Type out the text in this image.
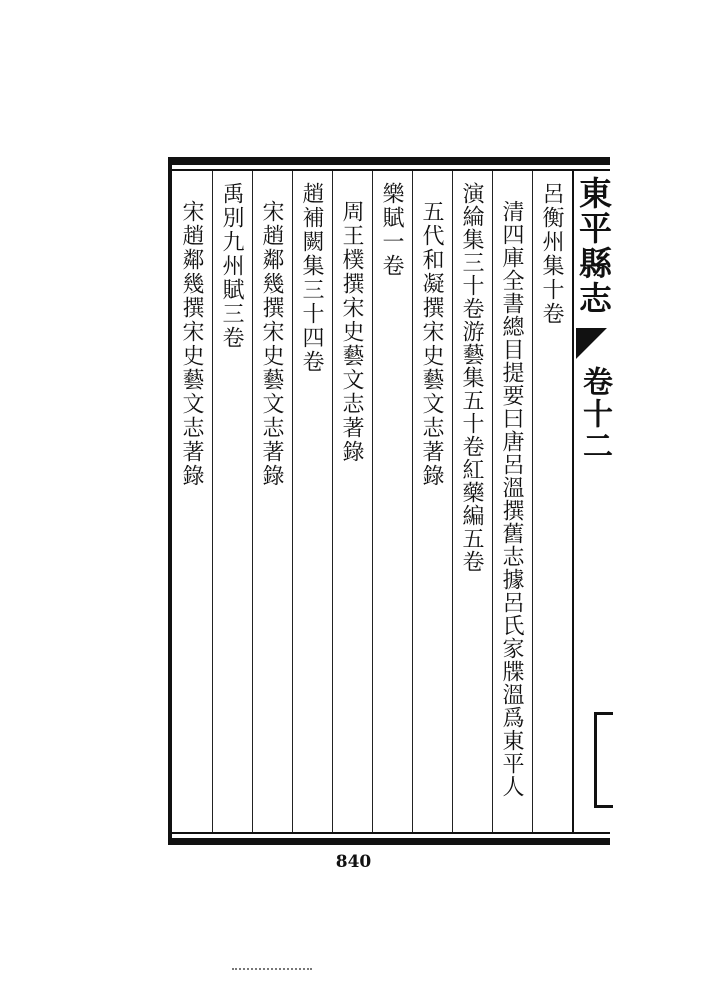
東平縣志
卷十二
呂衡州集十卷
清四庫全書總目提要曰唐呂溫撰舊志據呂氏家牒溫爲東平人
演綸集三十卷游藝集五十卷紅藥編五卷
五代和凝撰宋史藝文志著錄
樂賦一卷
周王樸撰宋史藝文志著錄
趙補闕集三十四卷
宋趙鄰幾撰宋史藝文志著錄
禹別九州賦三卷
宋趙鄰幾撰宋史藝文志著錄
840
